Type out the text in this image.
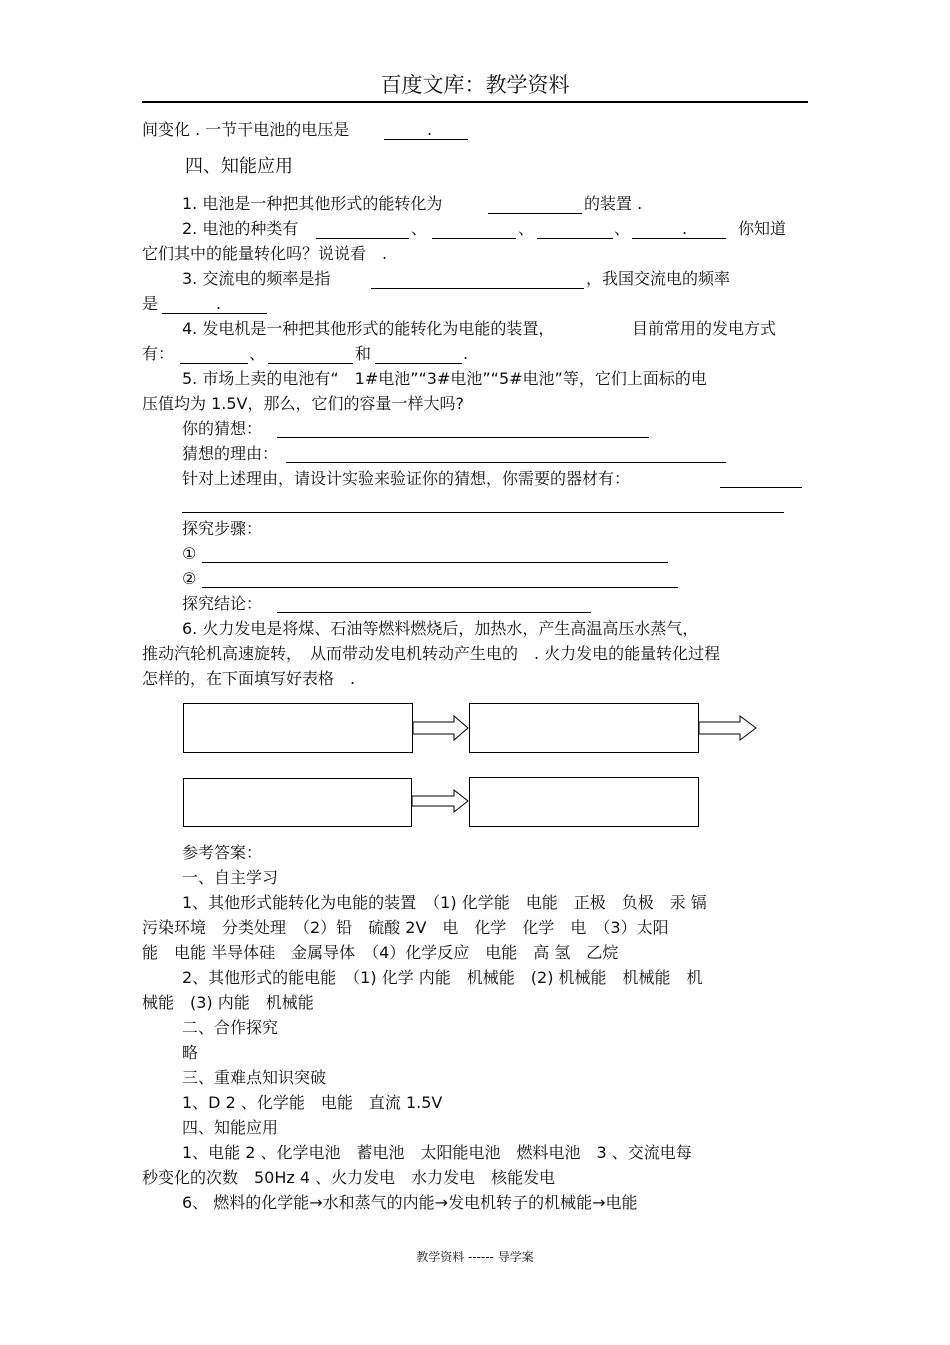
百度文库：教学资料
间变化 . 一节干电池的电压是	.
四、知能应用
1. 电池是一种把其他形式的能转化为	的装置 .
2. 电池的种类有	、	、	、	.	你知道
它们其中的能量转化吗？说说看　.
3. 交流电的频率是指	，我国交流电的频率
是	.
4. 发电机是一种把其他形式的能转化为电能的装置，	目前常用的发电方式
有：	、	和	.
5. 市场上卖的电池有“　1#电池”“3#电池”“5#电池”等，它们上面标的电
压值均为 1.5V，那么，它们的容量一样大吗?
你的猜想：
猜想的理由：
针对上述理由，请设计实验来验证你的猜想，你需要的器材有：
探究步骤：
①
②
探究结论：
6. 火力发电是将煤、石油等燃料燃烧后，加热水，产生高温高压水蒸气，
推动汽轮机高速旋转，　从而带动发电机转动产生电的　. 火力发电的能量转化过程
怎样的，在下面填写好表格　.
参考答案：
一、自主学习
1、其他形式能转化为电能的装置　（1) 化学能　电能　正极　负极　汞 镉
污染环境　分类处理　（2）铅　硫酸 2V　电　化学　化学　电　（3）太阳
能　电能 半导体硅　金属导体　（4）化学反应　电能　高 氢　乙烷
2、其他形式的能电能　（1) 化学 内能　机械能　(2) 机械能　机械能　机
械能　(3) 内能　机械能
二、合作探究
略
三、重难点知识突破
1、D 2 、化学能　电能　直流 1.5V
四、知能应用
1、电能 2 、化学电池　蓄电池　太阳能电池　燃料电池　3 、交流电每
秒变化的次数　50Hz 4 、火力发电　水力发电　核能发电
6、 燃料的化学能→水和蒸气的内能→发电机转子的机械能→电能
教学资料 ------ 导学案
